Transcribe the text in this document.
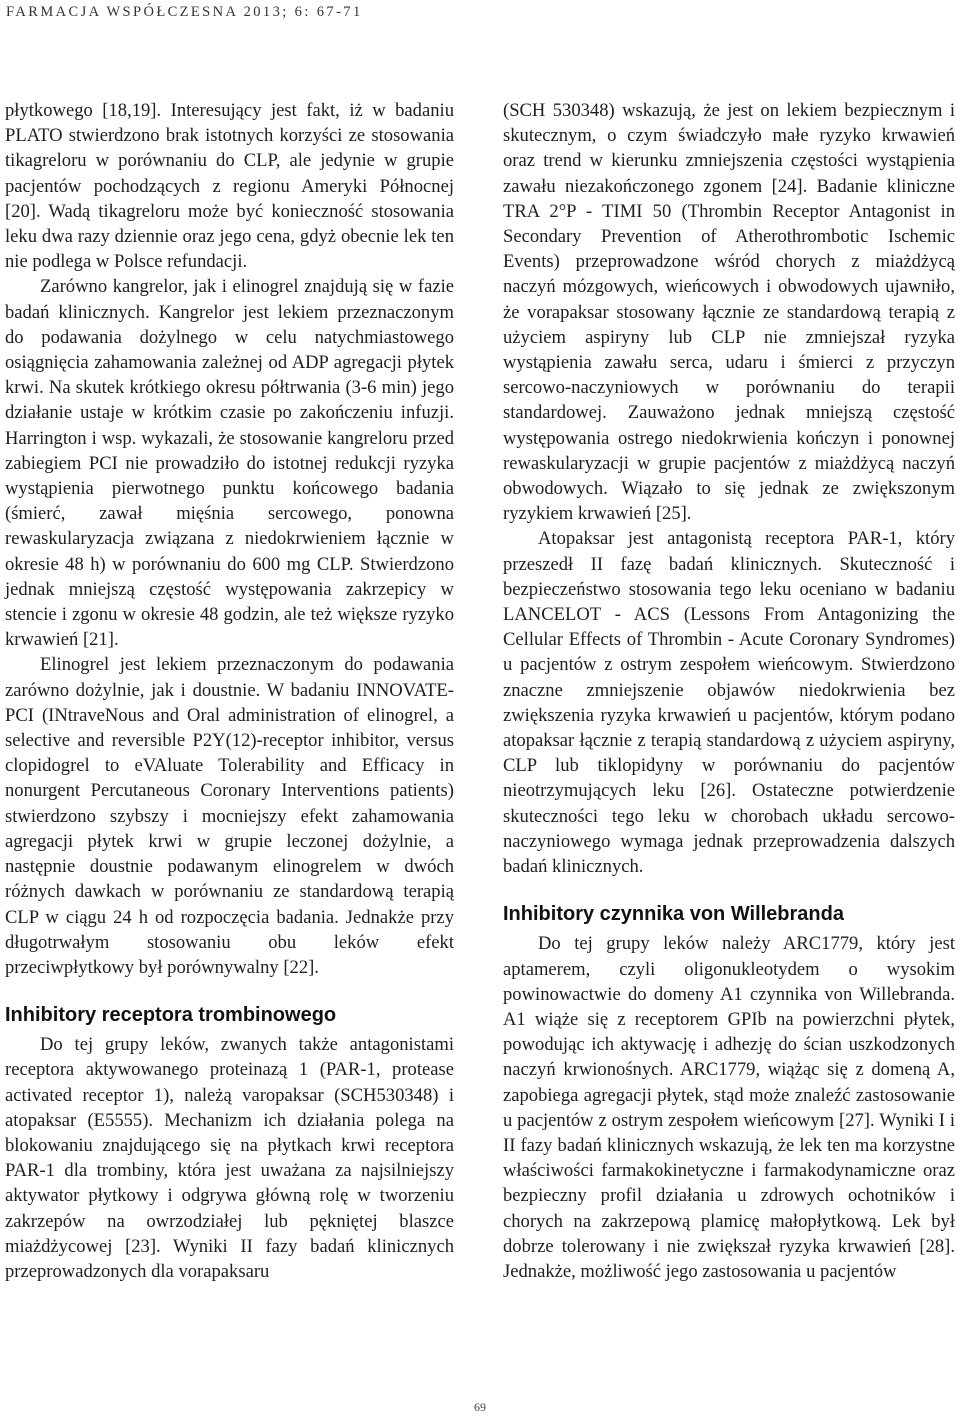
FARMACJA WSPÓŁCZESNA 2013; 6: 67-71

płytkowego [18,19]. Interesujący jest fakt, iż w badaniu PLATO stwierdzono brak istotnych korzyści ze stosowania tikagreloru w porównaniu do CLP, ale jedynie w grupie pacjentów pochodzących z regionu Ameryki Północnej [20]. Wadą tikagreloru może być konieczność stosowania leku dwa razy dziennie oraz jego cena, gdyż obecnie lek ten nie podlega w Polsce refundacji.

Zarówno kangrelor, jak i elinogrel znajdują się w fazie badań klinicznych. Kangrelor jest lekiem przeznaczonym do podawania dożylnego w celu natychmiastowego osiągnięcia zahamowania zależnej od ADP agregacji płytek krwi. Na skutek krótkiego okresu półtrwania (3-6 min) jego działanie ustaje w krótkim czasie po zakończeniu infuzji. Harrington i wsp. wykazali, że stosowanie kangreloru przed zabiegiem PCI nie prowadziło do istotnej redukcji ryzyka wystąpienia pierwotnego punktu końcowego badania (śmierć, zawał mięśnia sercowego, ponowna rewaskularyzacja związana z niedokrwieniem łącznie w okresie 48 h) w porównaniu do 600 mg CLP. Stwierdzono jednak mniejszą częstość występowania zakrzepicy w stencie i zgonu w okresie 48 godzin, ale też większe ryzyko krwawień [21].

Elinogrel jest lekiem przeznaczonym do podawania zarówno dożylnie, jak i doustnie. W badaniu INNOVATE-PCI (INtraveNous and Oral administration of elinogrel, a selective and reversible P2Y(12)-receptor inhibitor, versus clopidogrel to eVAluate Tolerability and Efficacy in nonurgent Percutaneous Coronary Interventions patients) stwierdzono szybszy i mocniejszy efekt zahamowania agregacji płytek krwi w grupie leczonej dożylnie, a następnie doustnie podawanym elinogrelem w dwóch różnych dawkach w porównaniu ze standardową terapią CLP w ciągu 24 h od rozpoczęcia badania. Jednakże przy długotrwałym stosowaniu obu leków efekt przeciwpłytkowy był porównywalny [22].

Inhibitory receptora trombinowego

Do tej grupy leków, zwanych także antagonistami receptora aktywowanego proteinazą 1 (PAR-1, protease activated receptor 1), należą varopaksar (SCH530348) i atopaksar (E5555). Mechanizm ich działania polega na blokowaniu znajdującego się na płytkach krwi receptora PAR-1 dla trombiny, która jest uważana za najsilniejszy aktywator płytkowy i odgrywa główną rolę w tworzeniu zakrzepów na owrzodziałej lub pękniętej blaszce miażdżycowej [23]. Wyniki II fazy badań klinicznych przeprowadzonych dla vorapaksaru

(SCH 530348) wskazują, że jest on lekiem bezpiecznym i skutecznym, o czym świadczyło małe ryzyko krwawień oraz trend w kierunku zmniejszenia częstości wystąpienia zawału niezakończonego zgonem [24]. Badanie kliniczne TRA 2°P - TIMI 50 (Thrombin Receptor Antagonist in Secondary Prevention of Atherothrombotic Ischemic Events) przeprowadzone wśród chorych z miażdżycą naczyń mózgowych, wieńcowych i obwodowych ujawniło, że vorapaksar stosowany łącznie ze standardową terapią z użyciem aspiryny lub CLP nie zmniejszał ryzyka wystąpienia zawału serca, udaru i śmierci z przyczyn sercowo-naczyniowych w porównaniu do terapii standardowej. Zauważono jednak mniejszą częstość występowania ostrego niedokrwienia kończyn i ponownej rewaskularyzacji w grupie pacjentów z miażdżycą naczyń obwodowych. Wiązało to się jednak ze zwiększonym ryzykiem krwawień [25].

Atopaksar jest antagonistą receptora PAR-1, który przeszedł II fazę badań klinicznych. Skuteczność i bezpieczeństwo stosowania tego leku oceniano w badaniu LANCELOT - ACS (Lessons From Antagonizing the Cellular Effects of Thrombin - Acute Coronary Syndromes) u pacjentów z ostrym zespołem wieńcowym. Stwierdzono znaczne zmniejszenie objawów niedokrwienia bez zwiększenia ryzyka krwawień u pacjentów, którym podano atopaksar łącznie z terapią standardową z użyciem aspiryny, CLP lub tiklopidyny w porównaniu do pacjentów nieotrzymujących leku [26]. Ostateczne potwierdzenie skuteczności tego leku w chorobach układu sercowo-naczyniowego wymaga jednak przeprowadzenia dalszych badań klinicznych.

Inhibitory czynnika von Willebranda

Do tej grupy leków należy ARC1779, który jest aptamerem, czyli oligonukleotydem o wysokim powinowactwie do domeny A1 czynnika von Willebranda. A1 wiąże się z receptorem GPIb na powierzchni płytek, powodując ich aktywację i adhezję do ścian uszkodzonych naczyń krwionośnych. ARC1779, wiążąc się z domeną A, zapobiega agregacji płytek, stąd może znaleźć zastosowanie u pacjentów z ostrym zespołem wieńcowym [27]. Wyniki I i II fazy badań klinicznych wskazują, że lek ten ma korzystne właściwości farmakokinetyczne i farmakodynamiczne oraz bezpieczny profil działania u zdrowych ochotników i chorych na zakrzepową plamicę małopłytkową. Lek był dobrze tolerowany i nie zwiększał ryzyka krwawień [28]. Jednakże, możliwość jego zastosowania u pacjentów

69
